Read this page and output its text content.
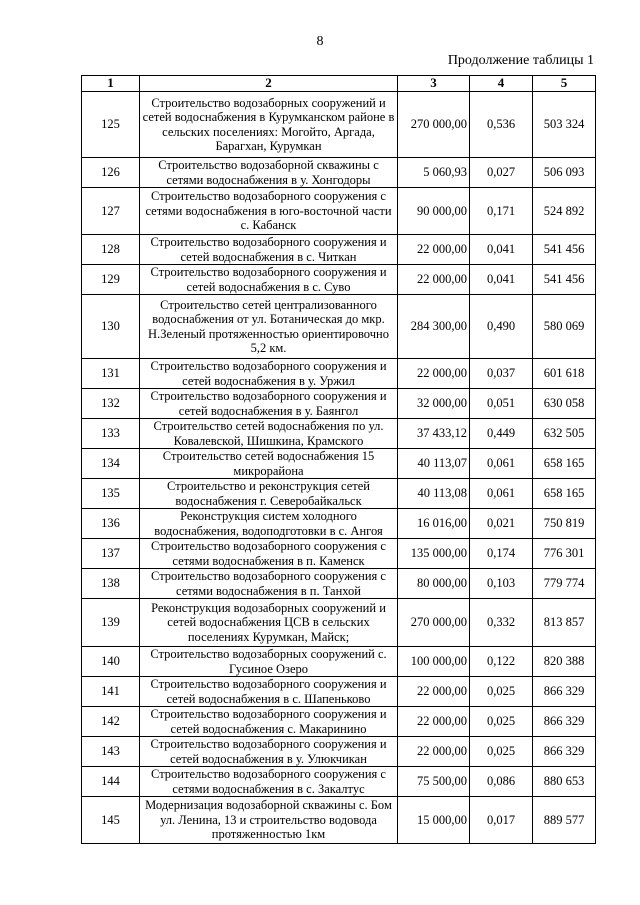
8
Продолжение таблицы 1
1	2	3	4	5
125	Строительство водозаборных сооружений и сетей водоснабжения в Курумканском районе в сельских поселениях: Могойто, Аргада, Барагхан, Курумкан	270 000,00	0,536	503 324
126	Строительство водозаборной скважины с сетями водоснабжения в у. Хонгодоры	5 060,93	0,027	506 093
127	Строительство водозаборного сооружения с сетями водоснабжения в юго-восточной части с. Кабанск	90 000,00	0,171	524 892
128	Строительство водозаборного сооружения и сетей водоснабжения в с. Читкан	22 000,00	0,041	541 456
129	Строительство водозаборного сооружения и сетей водоснабжения в с. Суво	22 000,00	0,041	541 456
130	Строительство сетей централизованного водоснабжения от ул. Ботаническая до мкр. Н.Зеленый протяженностью ориентировочно 5,2 км.	284 300,00	0,490	580 069
131	Строительство водозаборного сооружения и сетей водоснабжения в у. Уржил	22 000,00	0,037	601 618
132	Строительство водозаборного сооружения и сетей водоснабжения в у. Баянгол	32 000,00	0,051	630 058
133	Строительство сетей водоснабжения по ул. Ковалевской, Шишкина, Крамского	37 433,12	0,449	632 505
134	Строительство сетей водоснабжения 15 микрорайона	40 113,07	0,061	658 165
135	Строительство и реконструкция сетей водоснабжения г. Северобайкальск	40 113,08	0,061	658 165
136	Реконструкция систем холодного водоснабжения, водоподготовки в с. Ангоя	16 016,00	0,021	750 819
137	Строительство водозаборного сооружения с сетями водоснабжения в п. Каменск	135 000,00	0,174	776 301
138	Строительство водозаборного сооружения с сетями водоснабжения в п. Танхой	80 000,00	0,103	779 774
139	Реконструкция водозаборных сооружений и сетей водоснабжения ЦСВ в сельских поселениях Курумкан, Майск;	270 000,00	0,332	813 857
140	Строительство водозаборных сооружений с. Гусиное Озеро	100 000,00	0,122	820 388
141	Строительство водозаборного сооружения и сетей водоснабжения в с. Шапеньково	22 000,00	0,025	866 329
142	Строительство водозаборного сооружения и сетей водоснабжения с. Макаринино	22 000,00	0,025	866 329
143	Строительство водозаборного сооружения и сетей водоснабжения в у. Улюкчикан	22 000,00	0,025	866 329
144	Строительство водозаборного сооружения с сетями водоснабжения в с. Закалтус	75 500,00	0,086	880 653
145	Модернизация водозаборной скважины с. Бом ул. Ленина, 13 и строительство водовода протяженностью 1км	15 000,00	0,017	889 577
